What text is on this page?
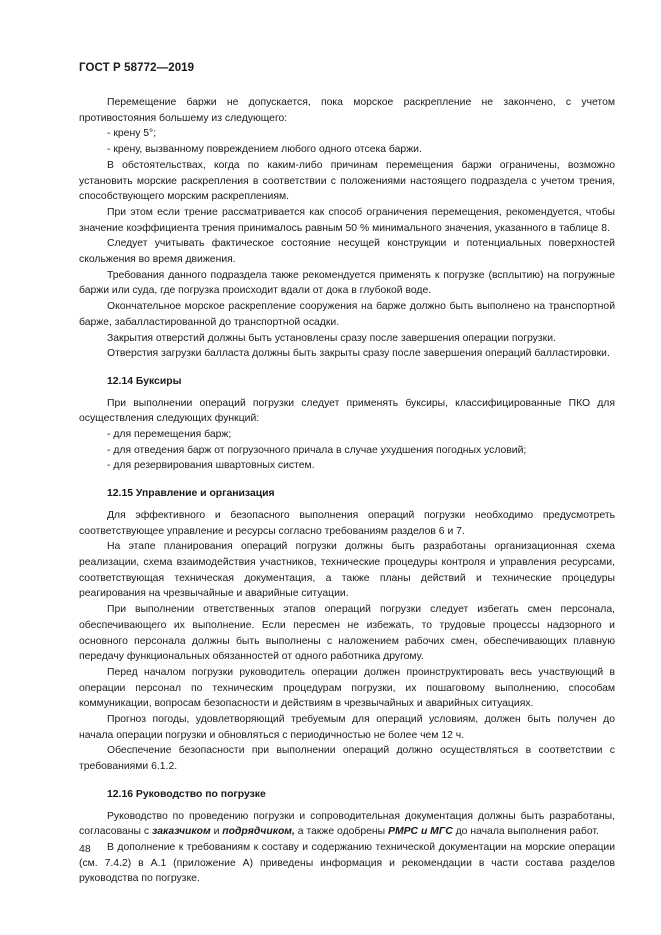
ГОСТ Р 58772—2019
Перемещение баржи не допускается, пока морское раскрепление не закончено, с учетом противостояния большему из следующего:
- крену 5°;
- крену, вызванному повреждением любого одного отсека баржи.
В обстоятельствах, когда по каким-либо причинам перемещения баржи ограничены, возможно установить морские раскрепления в соответствии с положениями настоящего подраздела с учетом трения, способствующего морским раскреплениям.
При этом если трение рассматривается как способ ограничения перемещения, рекомендуется, чтобы значение коэффициента трения принималось равным 50 % минимального значения, указанного в таблице 8.
Следует учитывать фактическое состояние несущей конструкции и потенциальных поверхностей скольжения во время движения.
Требования данного подраздела также рекомендуется применять к погрузке (всплытию) на погружные баржи или суда, где погрузка происходит вдали от дока в глубокой воде.
Окончательное морское раскрепление сооружения на барже должно быть выполнено на транспортной барже, забалластированной до транспортной осадки.
Закрытия отверстий должны быть установлены сразу после завершения операции погрузки.
Отверстия загрузки балласта должны быть закрыты сразу после завершения операций балластировки.
12.14 Буксиры
При выполнении операций погрузки следует применять буксиры, классифицированные ПКО для осуществления следующих функций:
- для перемещения барж;
- для отведения барж от погрузочного причала в случае ухудшения погодных условий;
- для резервирования швартовных систем.
12.15 Управление и организация
Для эффективного и безопасного выполнения операций погрузки необходимо предусмотреть соответствующее управление и ресурсы согласно требованиям разделов 6 и 7.
На этапе планирования операций погрузки должны быть разработаны организационная схема реализации, схема взаимодействия участников, технические процедуры контроля и управления ресурсами, соответствующая техническая документация, а также планы действий и технические процедуры реагирования на чрезвычайные и аварийные ситуации.
При выполнении ответственных этапов операций погрузки следует избегать смен персонала, обеспечивающего их выполнение. Если пересмен не избежать, то трудовые процессы надзорного и основного персонала должны быть выполнены с наложением рабочих смен, обеспечивающих плавную передачу функциональных обязанностей от одного работника другому.
Перед началом погрузки руководитель операции должен проинструктировать весь участвующий в операции персонал по техническим процедурам погрузки, их пошаговому выполнению, способам коммуникации, вопросам безопасности и действиям в чрезвычайных и аварийных ситуациях.
Прогноз погоды, удовлетворяющий требуемым для операций условиям, должен быть получен до начала операции погрузки и обновляться с периодичностью не более чем 12 ч.
Обеспечение безопасности при выполнении операций должно осуществляться в соответствии с требованиями 6.1.2.
12.16 Руководство по погрузке
Руководство по проведению погрузки и сопроводительная документация должны быть разработаны, согласованы с заказчиком и подрядчиком, а также одобрены РМРС и МГС до начала выполнения работ.
В дополнение к требованиям к составу и содержанию технической документации на морские операции (см. 7.4.2) в А.1 (приложение А) приведены информация и рекомендации в части состава разделов руководства по погрузке.
48
